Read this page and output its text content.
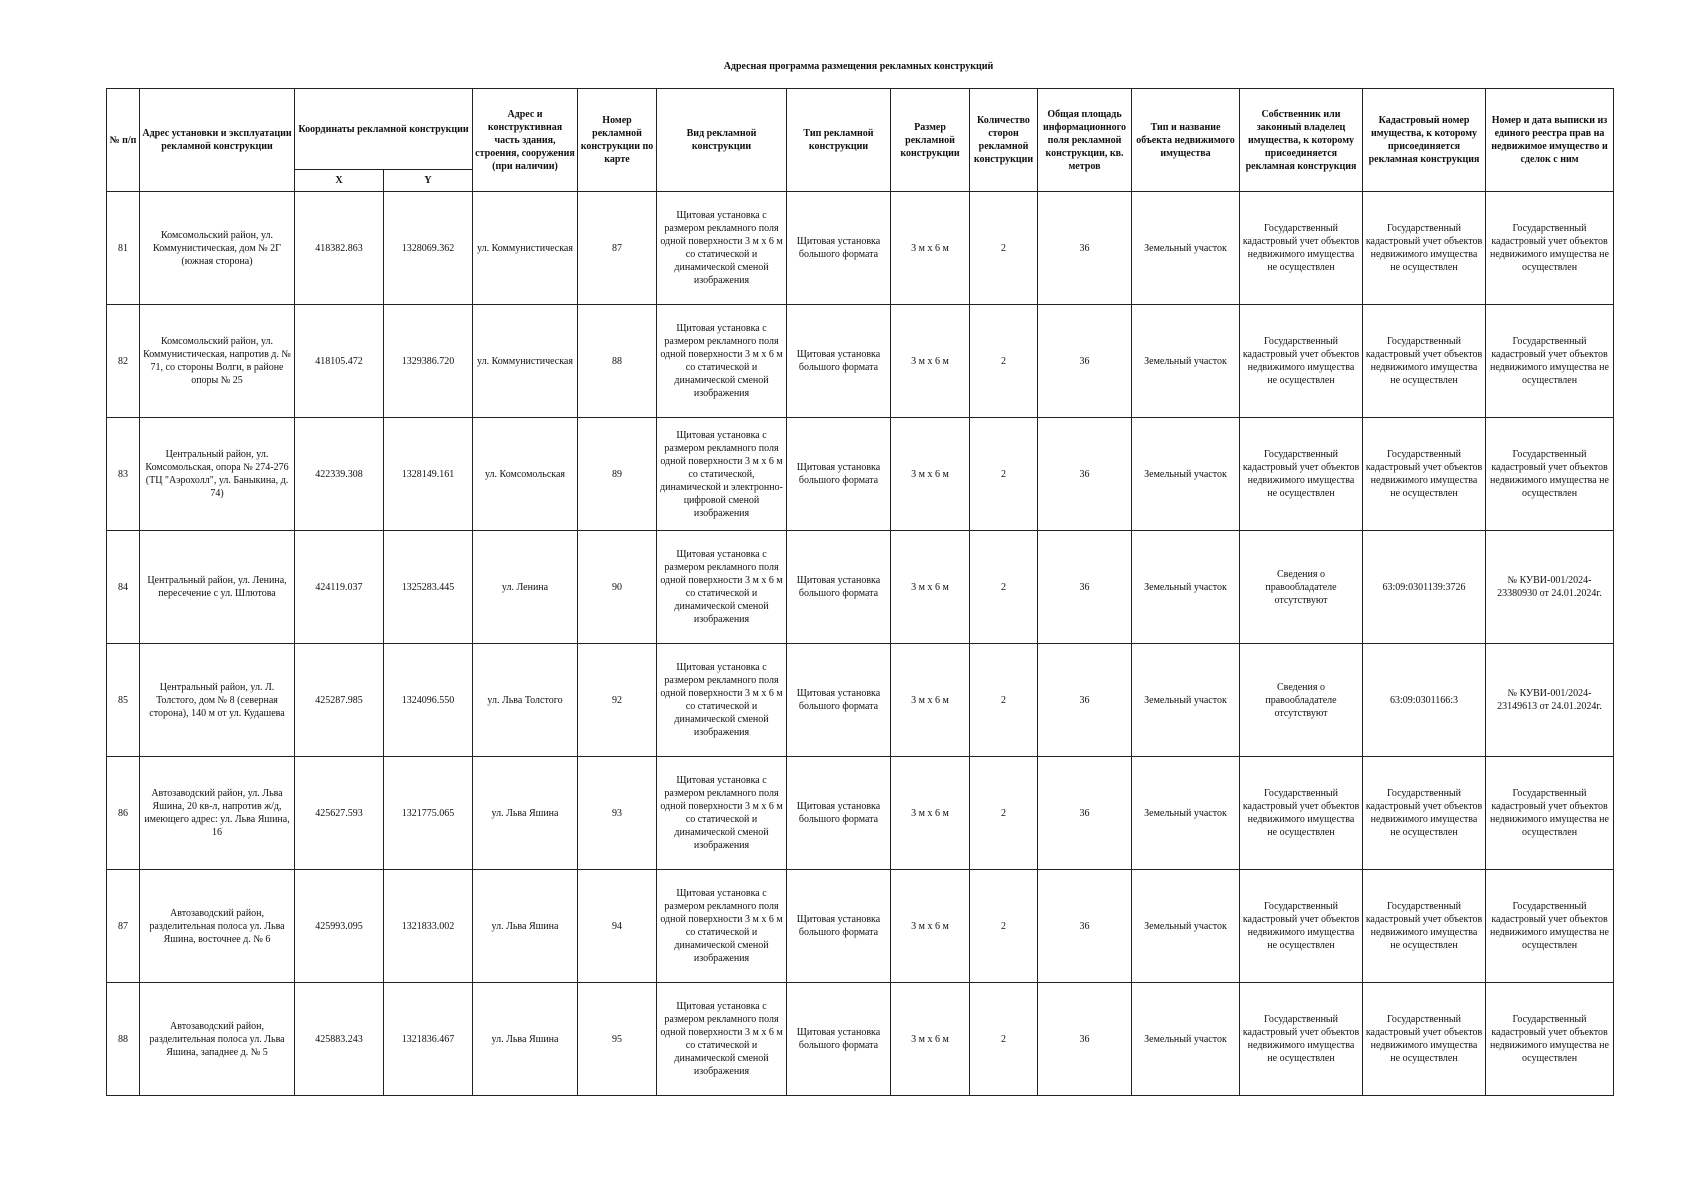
Адресная программа размещения рекламных конструкций
№ п/п	Адрес установки и эксплуатации рекламной конструкции	Координаты рекламной конструкции		Адрес и конструктивная часть здания, строения, сооружения (при наличии)	Номер рекламной конструкции по карте	Вид рекламной конструкции	Тип рекламной конструкции	Размер рекламной конструкции	Количество сторон рекламной конструкции	Общая площадь информационного поля рекламной конструкции, кв. метров	Тип и название объекта недвижимого имущества	Собственник или законный владелец имущества, к которому присоединяется рекламная конструкция	Кадастровый номер имущества, к которому присоединяется рекламная конструкция	Номер и дата выписки из единого реестра прав на недвижимое имущество и сделок с ним
		X	Y											
81	Комсомольский район, ул. Коммунистическая, дом № 2Г (южная сторона)	418382.863	1328069.362	ул. Коммунистическая	87	Щитовая установка с размером рекламного поля одной поверхности 3 м х 6 м со статической и динамической сменой изображения	Щитовая установка большого формата	3 м х 6 м	2	36	Земельный участок	Государственный кадастровый учет объектов недвижимого имущества не осуществлен	Государственный кадастровый учет объектов недвижимого имущества не осуществлен	Государственный кадастровый учет объектов недвижимого имущества не осуществлен
82	Комсомольский район, ул. Коммунистическая, напротив д. № 71, со стороны Волги, в районе опоры № 25	418105.472	1329386.720	ул. Коммунистическая	88	Щитовая установка с размером рекламного поля одной поверхности 3 м х 6 м со статической и динамической сменой изображения	Щитовая установка большого формата	3 м х 6 м	2	36	Земельный участок	Государственный кадастровый учет объектов недвижимого имущества не осуществлен	Государственный кадастровый учет объектов недвижимого имущества не осуществлен	Государственный кадастровый учет объектов недвижимого имущества не осуществлен
83	Центральный район, ул. Комсомольская, опора № 274-276 (ТЦ "Аэрохолл", ул. Баныкина, д. 74)	422339.308	1328149.161	ул. Комсомольская	89	Щитовая установка с размером рекламного поля одной поверхности 3 м х 6 м со статической, динамической и электронно-цифровой сменой изображения	Щитовая установка большого формата	3 м х 6 м	2	36	Земельный участок	Государственный кадастровый учет объектов недвижимого имущества не осуществлен	Государственный кадастровый учет объектов недвижимого имущества не осуществлен	Государственный кадастровый учет объектов недвижимого имущества не осуществлен
84	Центральный район, ул. Ленина, пересечение с ул. Шлютова	424119.037	1325283.445	ул. Ленина	90	Щитовая установка с размером рекламного поля одной поверхности 3 м х 6 м со статической и динамической сменой изображения	Щитовая установка большого формата	3 м х 6 м	2	36	Земельный участок	Сведения о правообладателе отсутствуют	63:09:0301139:3726	№ КУВИ-001/2024-23380930 от 24.01.2024г.
85	Центральный район, ул. Л. Толстого, дом № 8 (северная сторона), 140 м от ул. Кудашева	425287.985	1324096.550	ул. Льва Толстого	92	Щитовая установка с размером рекламного поля одной поверхности 3 м х 6 м со статической и динамической сменой изображения	Щитовая установка большого формата	3 м х 6 м	2	36	Земельный участок	Сведения о правообладателе отсутствуют	63:09:0301166:3	№ КУВИ-001/2024-23149613 от 24.01.2024г.
86	Автозаводский район, ул. Льва Яшина, 20 кв-л, напротив ж/д, имеющего адрес: ул. Льва Яшина, 16	425627.593	1321775.065	ул. Льва Яшина	93	Щитовая установка с размером рекламного поля одной поверхности 3 м х 6 м со статической и динамической сменой изображения	Щитовая установка большого формата	3 м х 6 м	2	36	Земельный участок	Государственный кадастровый учет объектов недвижимого имущества не осуществлен	Государственный кадастровый учет объектов недвижимого имущества не осуществлен	Государственный кадастровый учет объектов недвижимого имущества не осуществлен
87	Автозаводский район, разделительная полоса ул. Льва Яшина, восточнее д. № 6	425993.095	1321833.002	ул. Льва Яшина	94	Щитовая установка с размером рекламного поля одной поверхности 3 м х 6 м со статической и динамической сменой изображения	Щитовая установка большого формата	3 м х 6 м	2	36	Земельный участок	Государственный кадастровый учет объектов недвижимого имущества не осуществлен	Государственный кадастровый учет объектов недвижимого имущества не осуществлен	Государственный кадастровый учет объектов недвижимого имущества не осуществлен
88	Автозаводский район, разделительная полоса ул. Льва Яшина, западнее д. № 5	425883.243	1321836.467	ул. Льва Яшина	95	Щитовая установка с размером рекламного поля одной поверхности 3 м х 6 м со статической и динамической сменой изображения	Щитовая установка большого формата	3 м х 6 м	2	36	Земельный участок	Государственный кадастровый учет объектов недвижимого имущества не осуществлен	Государственный кадастровый учет объектов недвижимого имущества не осуществлен	Государственный кадастровый учет объектов недвижимого имущества не осуществлен
